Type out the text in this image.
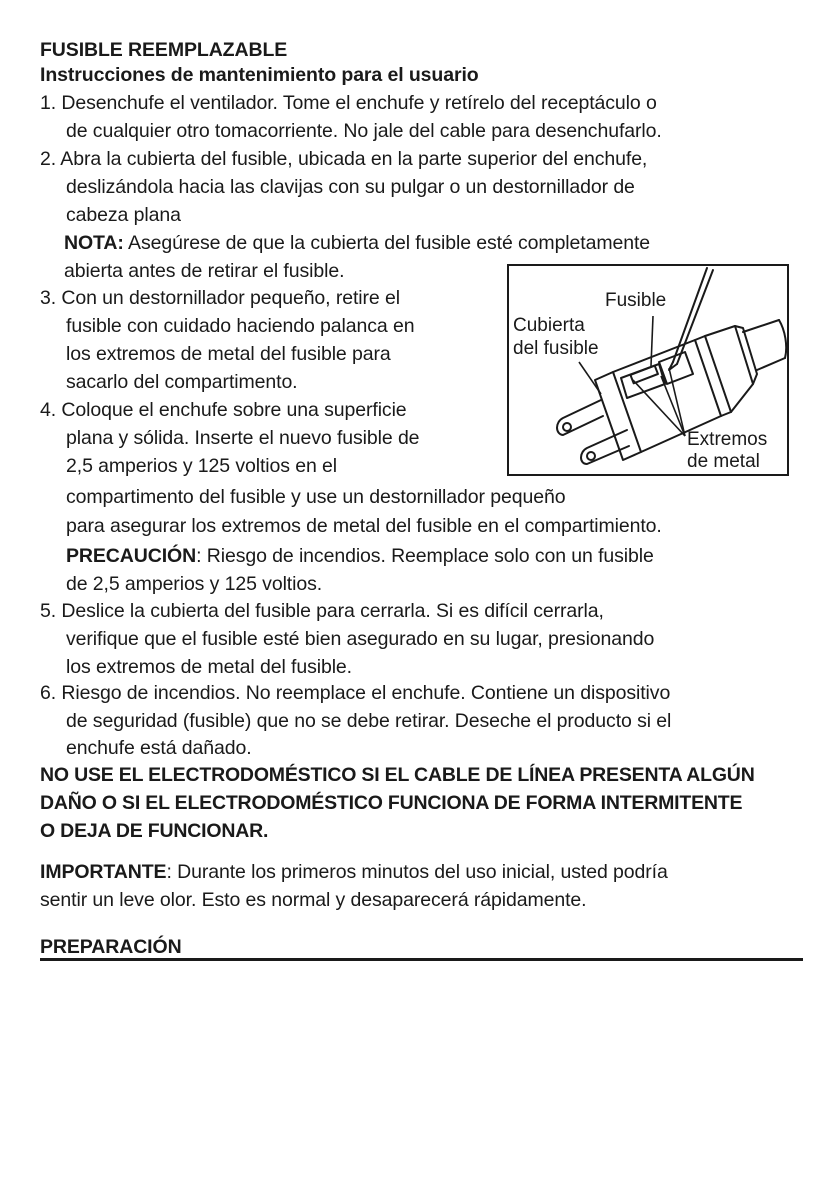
FUSIBLE REEMPLAZABLE
Instrucciones de mantenimiento para el usuario
1. Desenchufe el ventilador. Tome el enchufe y retírelo del receptáculo o
de cualquier otro tomacorriente. No jale del cable para desenchufarlo.
2. Abra la cubierta del fusible, ubicada en la parte superior del enchufe,
deslizándola hacia las clavijas con su pulgar o un destornillador de
cabeza plana
NOTA: Asegúrese de que la cubierta del fusible esté completamente
abierta antes de retirar el fusible.
3. Con un destornillador pequeño, retire el
fusible con cuidado haciendo palanca en
los extremos de metal del fusible para
sacarlo del compartimento.
4. Coloque el enchufe sobre una superficie
plana y sólida. Inserte el nuevo fusible de
2,5 amperios y 125 voltios en el
compartimento del fusible y use un destornillador pequeño
para asegurar los extremos de metal del fusible en el compartimiento.
PRECAUCIÓN: Riesgo de incendios. Reemplace solo con un fusible
de 2,5 amperios y 125 voltios.
5. Deslice la cubierta del fusible para cerrarla. Si es difícil cerrarla,
verifique que el fusible esté bien asegurado en su lugar, presionando
los extremos de metal del fusible.
6. Riesgo de incendios. No reemplace el enchufe. Contiene un dispositivo
de seguridad (fusible) que no se debe retirar. Deseche el producto si el
enchufe está dañado.
NO USE EL ELECTRODOMÉSTICO SI EL CABLE DE LÍNEA PRESENTA ALGÚN
DAÑO O SI EL ELECTRODOMÉSTICO FUNCIONA DE FORMA INTERMITENTE
O DEJA DE FUNCIONAR.
IMPORTANTE: Durante los primeros minutos del uso inicial, usted podría
sentir un leve olor. Esto es normal y desaparecerá rápidamente.
PREPARACIÓN
Fusible
Cubierta
del fusible
Extremos
de metal
